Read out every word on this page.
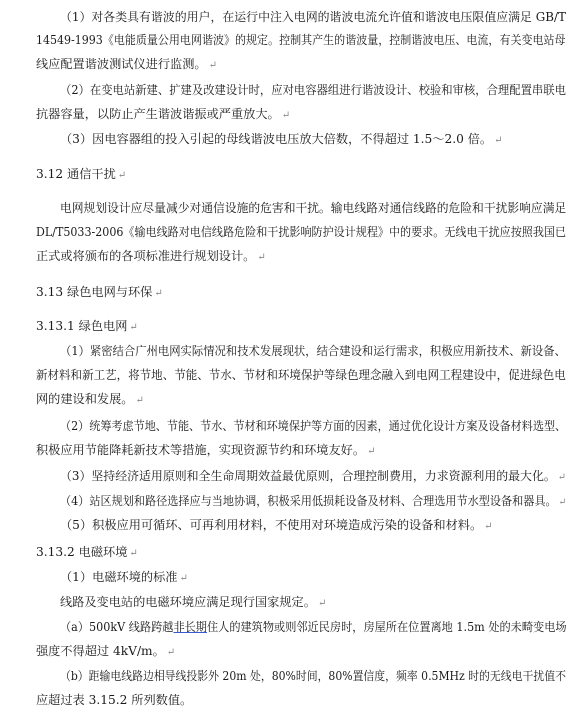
（1）对各类具有谐波的用户，在运行中注入电网的谐波电流允许值和谐波电压限值应满足 GB/T
14549-1993《电能质量公用电网谐波》的规定。控制其产生的谐波量，控制谐波电压、电流，有关变电站母
线应配置谐波测试仪进行监测。 ↵
（2）在变电站新建、扩建及改建设计时，应对电容器组进行谐波设计、校验和审核，合理配置串联电
抗器容量，以防止产生谐波谐振或严重放大。 ↵
（3）因电容器组的投入引起的母线谐波电压放大倍数，不得超过 1.5～2.0 倍。 ↵
3.12 通信干扰 ↵
电网规划设计应尽量减少对通信设施的危害和干扰。输电线路对通信线路的危险和干扰影响应满足
DL/T5033-2006《输电线路对电信线路危险和干扰影响防护设计规程》中的要求。无线电干扰应按照我国已
正式或将颁布的各项标准进行规划设计。 ↵
3.13 绿色电网与环保 ↵
3.13.1 绿色电网 ↵
（1）紧密结合广州电网实际情况和技术发展现状，结合建设和运行需求，积极应用新技术、新设备、
新材料和新工艺，将节地、节能、节水、节材和环境保护等绿色理念融入到电网工程建设中，促进绿色电
网的建设和发展。 ↵
（2）统筹考虑节地、节能、节水、节材和环境保护等方面的因素，通过优化设计方案及设备材料选型、
积极应用节能降耗新技术等措施，实现资源节约和环境友好。 ↵
（3）坚持经济适用原则和全生命周期效益最优原则，合理控制费用，力求资源利用的最大化。 ↵
（4）站区规划和路径选择应与当地协调，积极采用低损耗设备及材料、合理选用节水型设备和器具。 ↵
（5）积极应用可循环、可再利用材料，不使用对环境造成污染的设备和材料。 ↵
3.13.2 电磁环境 ↵
（1）电磁环境的标准 ↵
线路及变电站的电磁环境应满足现行国家规定。 ↵
（a）500kV 线路跨越非长期住人的建筑物或则邻近民房时，房屋所在位置离地 1.5m 处的未畸变电场
强度不得超过 4kV/m。 ↵
（b）距输电线路边相导线投影外 20m 处，80%时间，80%置信度，频率 0.5MHz 时的无线电干扰值不
应超过表 3.15.2 所列数值。
